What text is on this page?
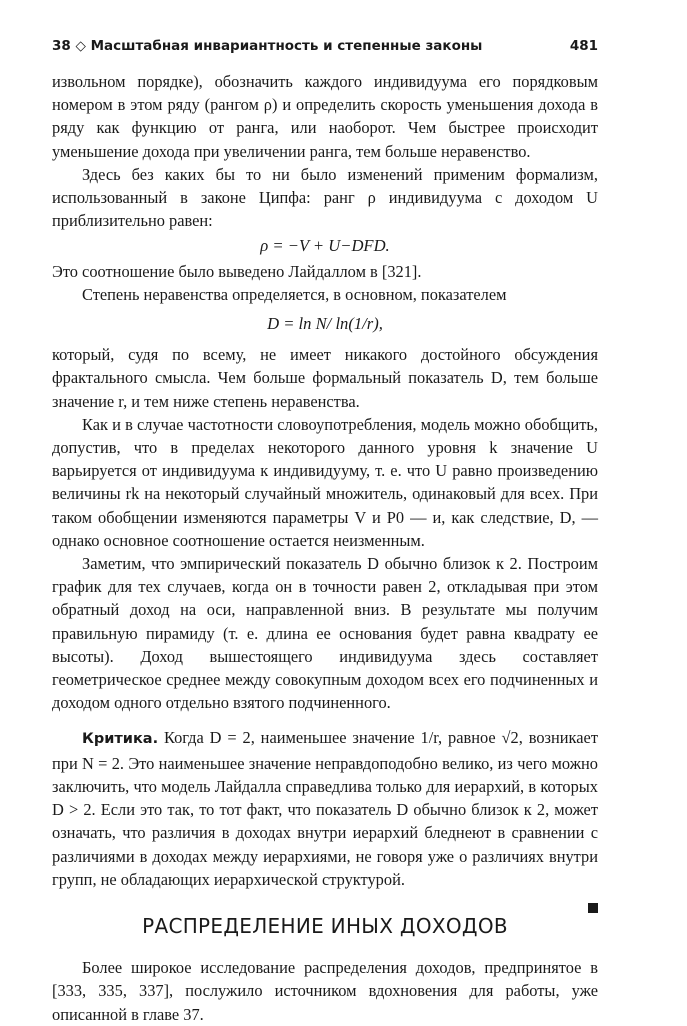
38 ◇ Масштабная инвариантность и степенные законы	481

извольном порядке), обозначить каждого индивидуума его порядковым номером в этом ряду (рангом ρ) и определить скорость уменьшения дохода в ряду как функцию от ранга, или наоборот. Чем быстрее происходит уменьшение дохода при увеличении ранга, тем больше неравенство.

Здесь без каких бы то ни было изменений применим формализм, использованный в законе Ципфа: ранг ρ индивидуума с доходом U приблизительно равен:

ρ = −V + U−DFD.

Это соотношение было выведено Лайдаллом в [321].

Степень неравенства определяется, в основном, показателем

D = ln N/ ln(1/r),

который, судя по всему, не имеет никакого достойного обсуждения фрактального смысла. Чем больше формальный показатель D, тем больше значение r, и тем ниже степень неравенства.

Как и в случае частотности словоупотребления, модель можно обобщить, допустив, что в пределах некоторого данного уровня k значение U варьируется от индивидуума к индивидууму, т. е. что U равно произведению величины rk на некоторый случайный множитель, одинаковый для всех. При таком обобщении изменяются параметры V и P0 — и, как следствие, D, — однако основное соотношение остается неизменным.

Заметим, что эмпирический показатель D обычно близок к 2. Построим график для тех случаев, когда он в точности равен 2, откладывая при этом обратный доход на оси, направленной вниз. В результате мы получим правильную пирамиду (т. е. длина ее основания будет равна квадрату ее высоты). Доход вышестоящего индивидуума здесь составляет геометрическое среднее между совокупным доходом всех его подчиненных и доходом одного отдельно взятого подчиненного.

Критика. Когда D = 2, наименьшее значение 1/r, равное √2, возникает при N = 2. Это наименьшее значение неправдоподобно велико, из чего можно заключить, что модель Лайдалла справедлива только для иерархий, в которых D > 2. Если это так, то тот факт, что показатель D обычно близок к 2, может означать, что различия в доходах внутри иерархий бледнеют в сравнении с различиями в доходах между иерархиями, не говоря уже о различиях внутри групп, не обладающих иерархической структурой.

РАСПРЕДЕЛЕНИЕ ИНЫХ ДОХОДОВ

Более широкое исследование распределения доходов, предпринятое в [333, 335, 337], послужило источником вдохновения для работы, уже описанной в главе 37.
